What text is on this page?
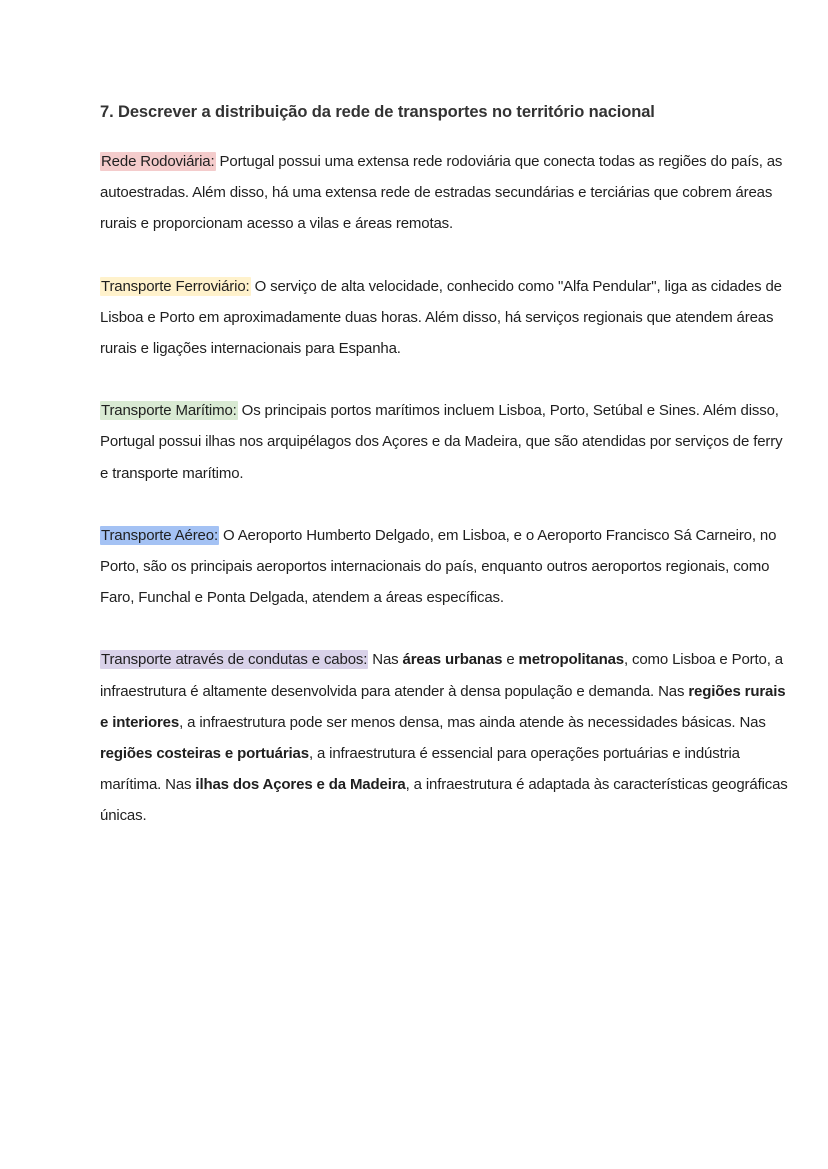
7. Descrever a distribuição da rede de transportes no território nacional

Rede Rodoviária: Portugal possui uma extensa rede rodoviária que conecta todas as regiões do país, as autoestradas. Além disso, há uma extensa rede de estradas secundárias e terciárias que cobrem áreas rurais e proporcionam acesso a vilas e áreas remotas.

Transporte Ferroviário: O serviço de alta velocidade, conhecido como "Alfa Pendular", liga as cidades de Lisboa e Porto em aproximadamente duas horas. Além disso, há serviços regionais que atendem áreas rurais e ligações internacionais para Espanha.

Transporte Marítimo: Os principais portos marítimos incluem Lisboa, Porto, Setúbal e Sines. Além disso, Portugal possui ilhas nos arquipélagos dos Açores e da Madeira, que são atendidas por serviços de ferry e transporte marítimo.

Transporte Aéreo: O Aeroporto Humberto Delgado, em Lisboa, e o Aeroporto Francisco Sá Carneiro, no Porto, são os principais aeroportos internacionais do país, enquanto outros aeroportos regionais, como Faro, Funchal e Ponta Delgada, atendem a áreas específicas.

Transporte através de condutas e cabos: Nas áreas urbanas e metropolitanas, como Lisboa e Porto, a infraestrutura é altamente desenvolvida para atender à densa população e demanda. Nas regiões rurais e interiores, a infraestrutura pode ser menos densa, mas ainda atende às necessidades básicas. Nas regiões costeiras e portuárias, a infraestrutura é essencial para operações portuárias e indústria marítima. Nas ilhas dos Açores e da Madeira, a infraestrutura é adaptada às características geográficas únicas.
